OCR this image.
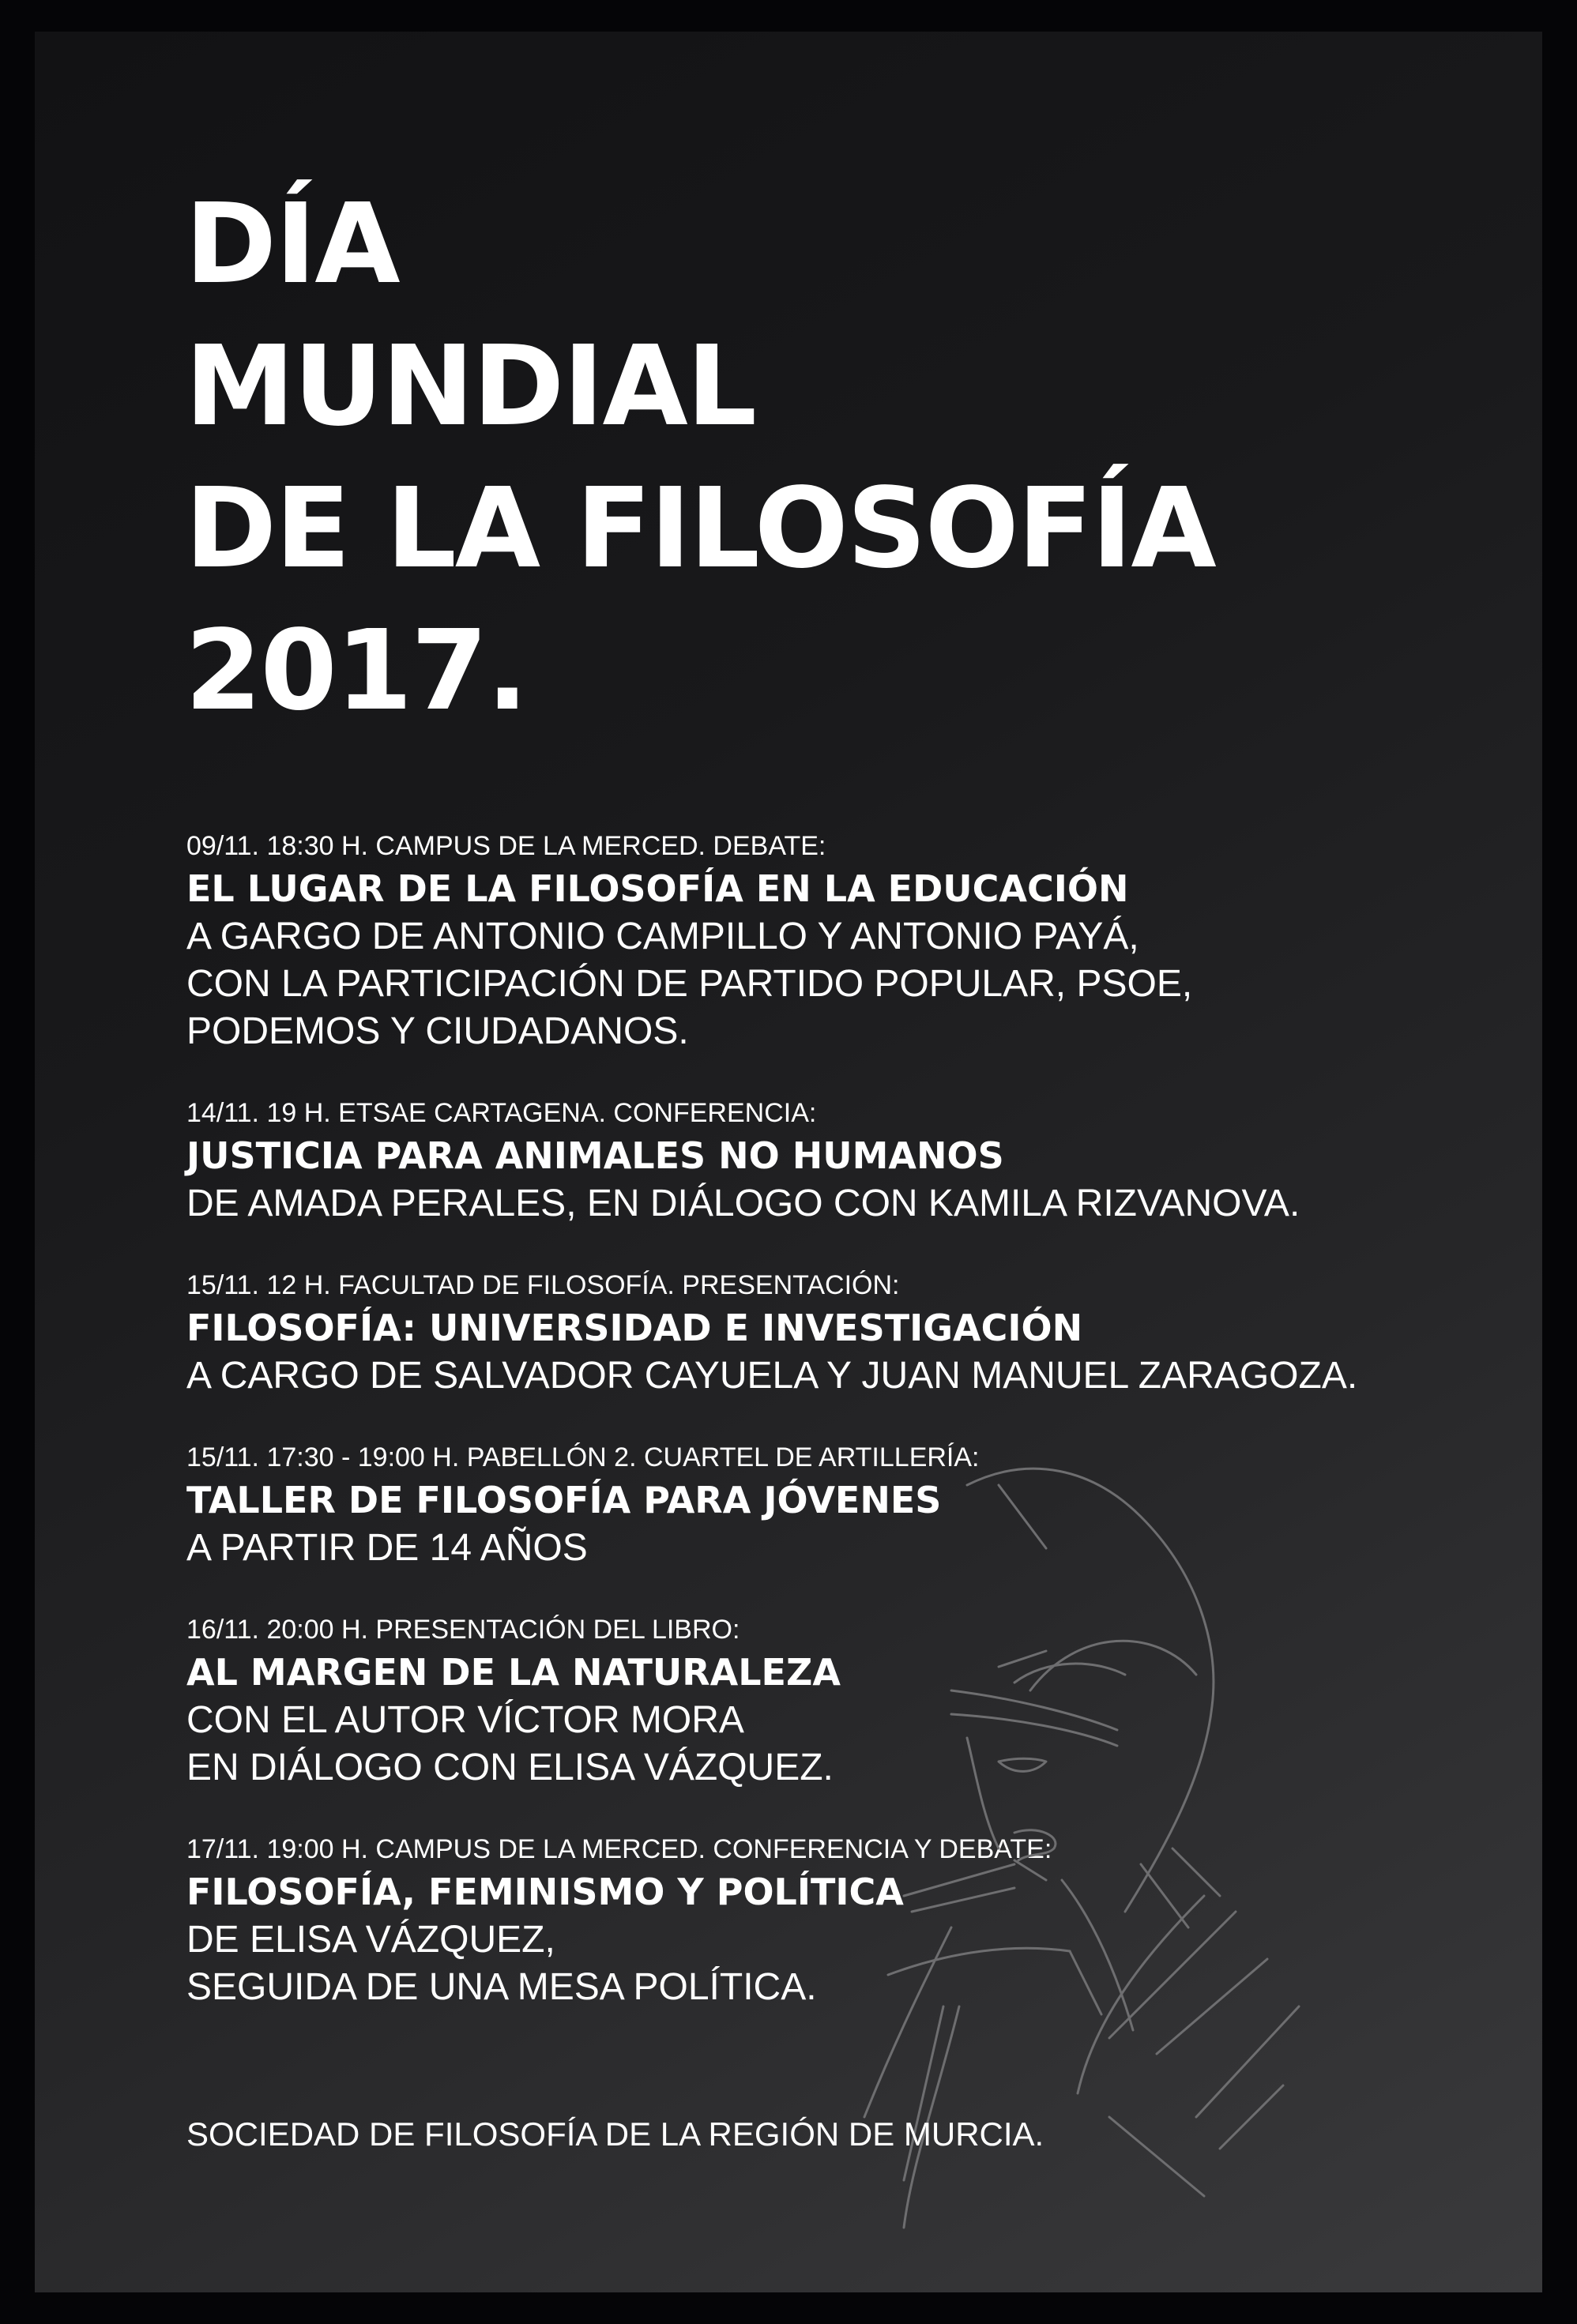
DÍA
MUNDIAL
DE LA FILOSOFÍA
2017.
09/11. 18:30 H. CAMPUS DE LA MERCED. DEBATE:
EL LUGAR DE LA FILOSOFÍA EN LA EDUCACIÓN
A GARGO DE ANTONIO CAMPILLO Y ANTONIO PAYÁ,
CON LA PARTICIPACIÓN DE PARTIDO POPULAR, PSOE,
PODEMOS Y CIUDADANOS.
14/11. 19 H. ETSAE CARTAGENA. CONFERENCIA:
JUSTICIA PARA ANIMALES NO HUMANOS
DE AMADA PERALES, EN DIÁLOGO CON KAMILA RIZVANOVA.
15/11. 12 H. FACULTAD DE FILOSOFÍA. PRESENTACIÓN:
FILOSOFÍA: UNIVERSIDAD E INVESTIGACIÓN
A CARGO DE SALVADOR CAYUELA Y JUAN MANUEL ZARAGOZA.
15/11. 17:30 - 19:00 H. PABELLÓN 2. CUARTEL DE ARTILLERÍA:
TALLER DE FILOSOFÍA PARA JÓVENES
A PARTIR DE 14 AÑOS
16/11. 20:00 H. PRESENTACIÓN DEL LIBRO:
AL MARGEN DE LA NATURALEZA
CON EL AUTOR VÍCTOR MORA
EN DIÁLOGO CON ELISA VÁZQUEZ.
17/11. 19:00 H. CAMPUS DE LA MERCED. CONFERENCIA Y DEBATE:
FILOSOFÍA, FEMINISMO Y POLÍTICA
DE ELISA VÁZQUEZ,
SEGUIDA DE UNA MESA POLÍTICA.
SOCIEDAD DE FILOSOFÍA DE LA REGIÓN DE MURCIA.
